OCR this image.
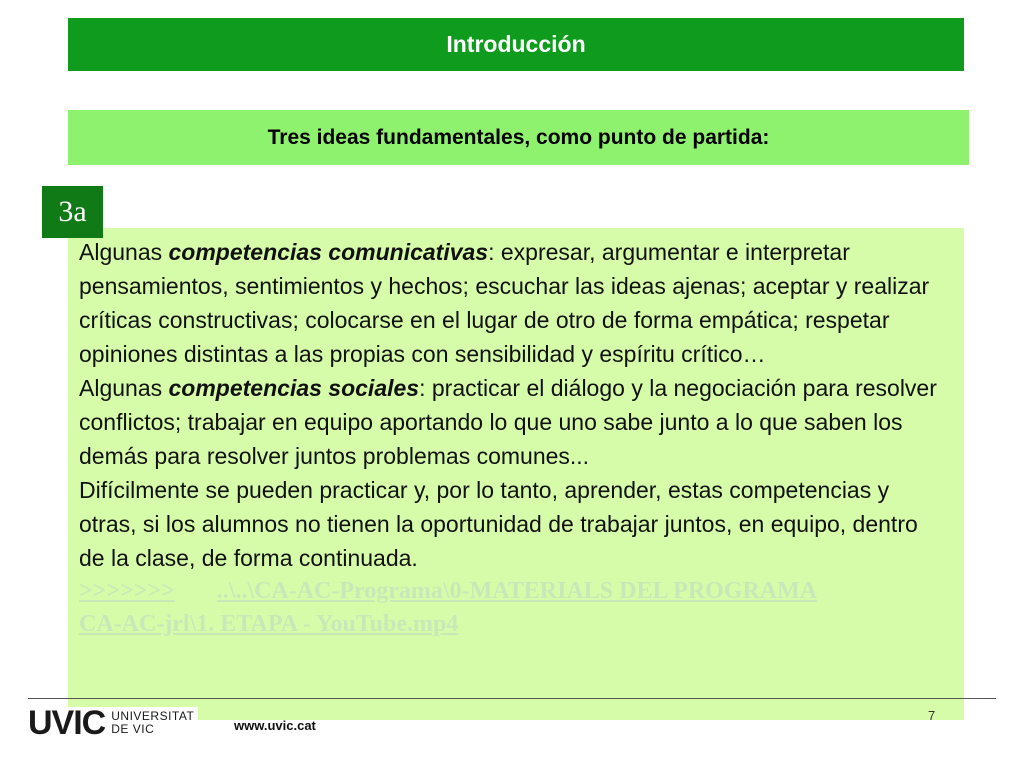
Introducción
Tres ideas fundamentales, como punto de partida:
3a

Algunas competencias comunicativas: expresar, argumentar e interpretar pensamientos, sentimientos y hechos; escuchar las ideas ajenas; aceptar y realizar críticas constructivas; colocarse en el lugar de otro de forma empática; respetar opiniones distintas a las propias con sensibilidad y espíritu crítico…

Algunas competencias sociales: practicar el diálogo y la negociación para resolver conflictos; trabajar en equipo aportando lo que uno sabe junto a lo que saben los demás para resolver juntos problemas comunes...

Difícilmente se pueden practicar y, por lo tanto, aprender, estas competencias y otras, si los alumnos no tienen la oportunidad de trabajar juntos, en equipo, dentro de la clase, de forma continuada.

>>>>>>> ..\..\CA-AC-Programa\0-MATERIALS DEL PROGRAMA
CA-AC-jrl\1. ETAPA - YouTube.mp4
UVIC UNIVERSITAT
DE VIC	www.uvic.cat
7
